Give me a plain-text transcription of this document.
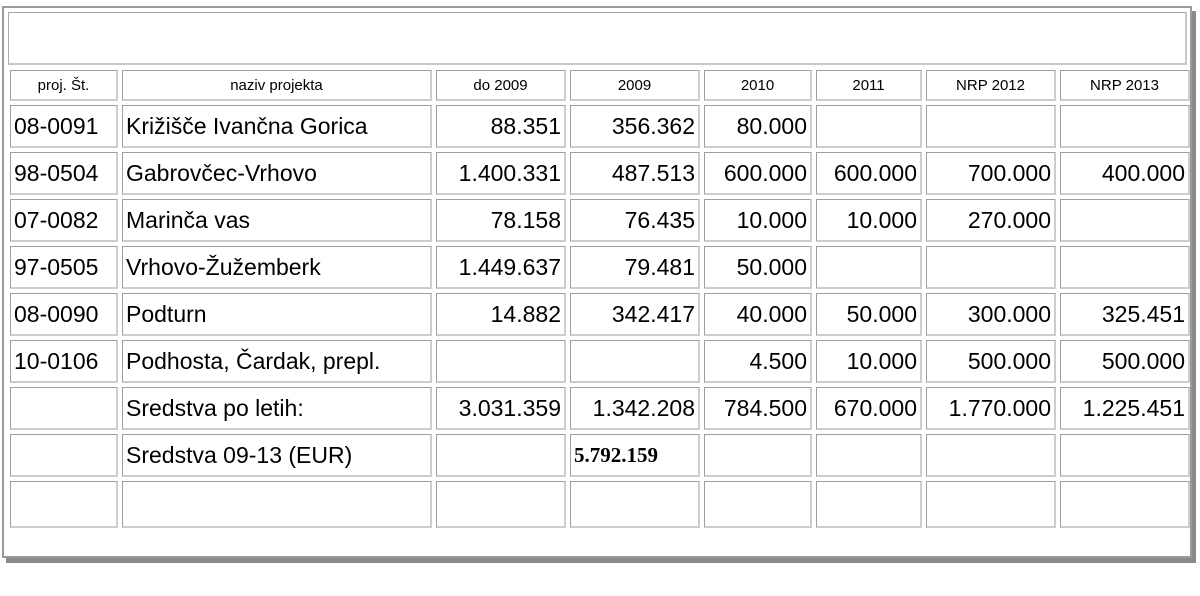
proj. Št.	naziv projekta	do 2009	2009	2010	2011	NRP 2012	NRP 2013
08-0091	Križišče Ivančna Gorica	88.351	356.362	80.000			
98-0504	Gabrovčec-Vrhovo	1.400.331	487.513	600.000	600.000	700.000	400.000
07-0082	Marinča vas	78.158	76.435	10.000	10.000	270.000	
97-0505	Vrhovo-Žužemberk	1.449.637	79.481	50.000			
08-0090	Podturn	14.882	342.417	40.000	50.000	300.000	325.451
10-0106	Podhosta, Čardak, prepl.			4.500	10.000	500.000	500.000
	Sredstva po letih:	3.031.359	1.342.208	784.500	670.000	1.770.000	1.225.451
	Sredstva 09-13 (EUR)		5.792.159				
